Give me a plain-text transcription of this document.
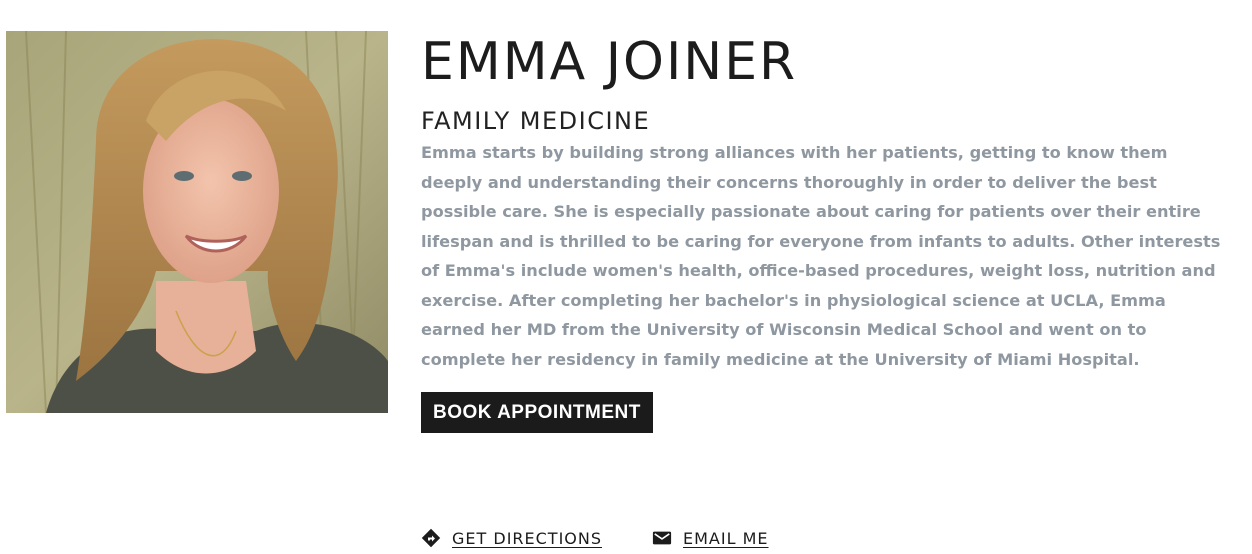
EMMA JOINER
FAMILY MEDICINE

Emma starts by building strong alliances with her patients, getting to know them deeply and understanding their concerns thoroughly in order to deliver the best possible care. She is especially passionate about caring for patients over their entire lifespan and is thrilled to be caring for everyone from infants to adults. Other interests of Emma's include women's health, office-based procedures, weight loss, nutrition and exercise. After completing her bachelor's in physiological science at UCLA, Emma earned her MD from the University of Wisconsin Medical School and went on to complete her residency in family medicine at the University of Miami Hospital.

BOOK APPOINTMENT
GET DIRECTIONS	EMAIL ME
